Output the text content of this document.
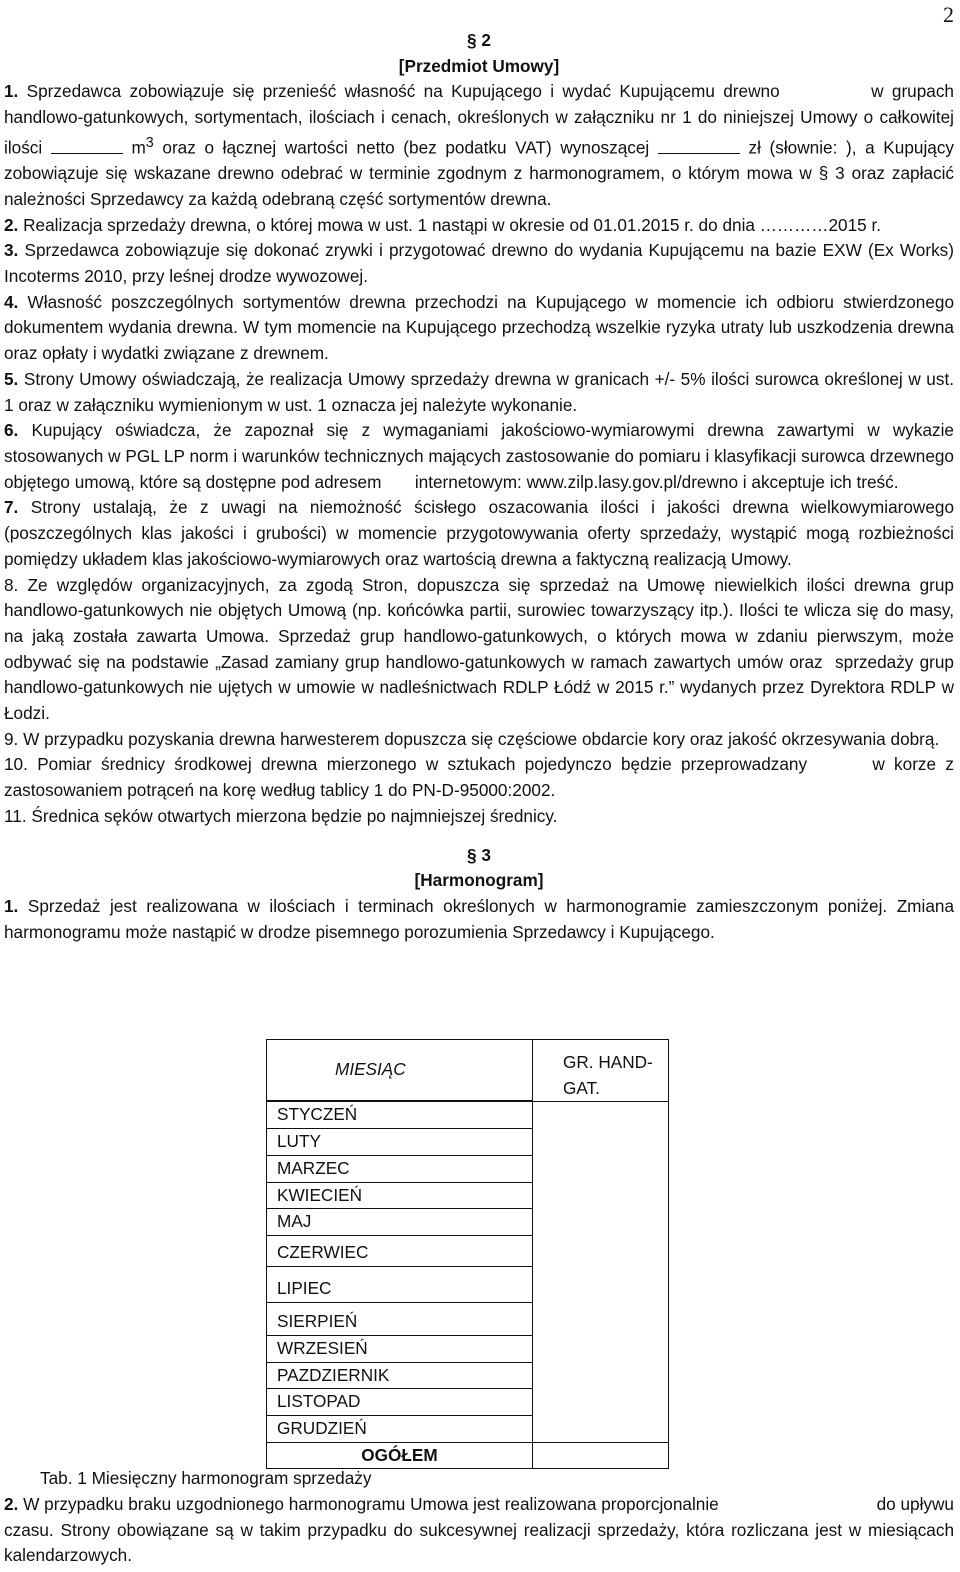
2

§ 2

[Przedmiot Umowy]

1. Sprzedawca zobowiązuje się przenieść własność na Kupującego i wydać Kupującemu drewno           w grupach handlowo-gatunkowych, sortymentach, ilościach i cenach, określonych w załączniku nr 1 do niniejszej Umowy o całkowitej ilości	$m^3$ oraz o łącznej wartości netto (bez podatku VAT) wynoszącej	zł (słownie: ), a Kupujący zobowiązuje się wskazane drewno odebrać w terminie zgodnym z harmonogramem, o którym mowa w § 3 oraz zapłacić należności Sprzedawcy za każdą odebraną część sortymentów drewna.

2. Realizacja sprzedaży drewna, o której mowa w ust. 1 nastąpi w okresie od 01.01.2015 r. do dnia …………2015 r.

3. Sprzedawca zobowiązuje się dokonać zrywki i przygotować drewno do wydania Kupującemu na bazie EXW (Ex Works) Incoterms 2010, przy leśnej drodze wywozowej.

4. Własność poszczególnych sortymentów drewna przechodzi na Kupującego w momencie ich odbioru stwierdzonego dokumentem wydania drewna. W tym momencie na Kupującego przechodzą wszelkie ryzyka utraty lub uszkodzenia drewna oraz opłaty i wydatki związane z drewnem.

5. Strony Umowy oświadczają, że realizacja Umowy sprzedaży drewna w granicach +/- 5% ilości surowca określonej w ust. 1 oraz w załączniku wymienionym w ust. 1 oznacza jej należyte wykonanie.

6. Kupujący oświadcza, że zapoznał się z wymaganiami jakościowo-wymiarowymi drewna zawartymi w wykazie stosowanych w PGL LP norm i warunków technicznych mających zastosowanie do pomiaru i klasyfikacji surowca drzewnego objętego umową, które są dostępne pod adresem       internetowym: www.zilp.lasy.gov.pl/drewno i akceptuje ich treść.

7. Strony ustalają, że z uwagi na niemożność ścisłego oszacowania ilości i jakości drewna wielkowymiarowego (poszczególnych klas jakości i grubości) w momencie przygotowywania oferty sprzedaży, wystąpić mogą rozbieżności pomiędzy układem klas jakościowo-wymiarowych oraz wartością drewna a faktyczną realizacją Umowy.

8. Ze względów organizacyjnych, za zgodą Stron, dopuszcza się sprzedaż na Umowę niewielkich ilości drewna grup handlowo-gatunkowych nie objętych Umową (np. końcówka partii, surowiec towarzyszący itp.). Ilości te wlicza się do masy, na jaką została zawarta Umowa. Sprzedaż grup handlowo-gatunkowych, o których mowa w zdaniu pierwszym, może odbywać się na podstawie „Zasad zamiany grup handlowo-gatunkowych w ramach zawartych umów oraz  sprzedaży grup handlowo-gatunkowych nie ujętych w umowie w nadleśnictwach RDLP Łódź w 2015 r.” wydanych przez Dyrektora RDLP w Łodzi.

9. W przypadku pozyskania drewna harwesterem dopuszcza się częściowe obdarcie kory oraz jakość okrzesywania dobrą.

10. Pomiar średnicy środkowej drewna mierzonego w sztukach pojedynczo będzie przeprowadzany       w korze z zastosowaniem potrąceń na korę według tablicy 1 do PN-D-95000:2002.

11. Średnica sęków otwartych mierzona będzie po najmniejszej średnicy.

§ 3

[Harmonogram]

1. Sprzedaż jest realizowana w ilościach i terminach określonych w harmonogramie zamieszczonym poniżej. Zmiana harmonogramu może nastąpić w drodze pisemnego porozumienia Sprzedawcy i Kupującego.

MIESIĄC	GR. HAND-GAT.

STYCZEŃ	
LUTY	
MARZEC	
KWIECIEŃ	
MAJ	
CZERWIEC	
LIPIEC	
SIERPIEŃ	
WRZESIEŃ	
PAZDZIERNIK	
LISTOPAD	
GRUDZIEŃ	
OGÓŁEM	
Tab. 1 Miesięczny harmonogram sprzedaży

2. W przypadku braku uzgodnionego harmonogramu Umowa jest realizowana proporcjonalnie                                 do upływu czasu. Strony obowiązane są w takim przypadku do sukcesywnej realizacji sprzedaży, która rozliczana jest w miesiącach kalendarzowych.
